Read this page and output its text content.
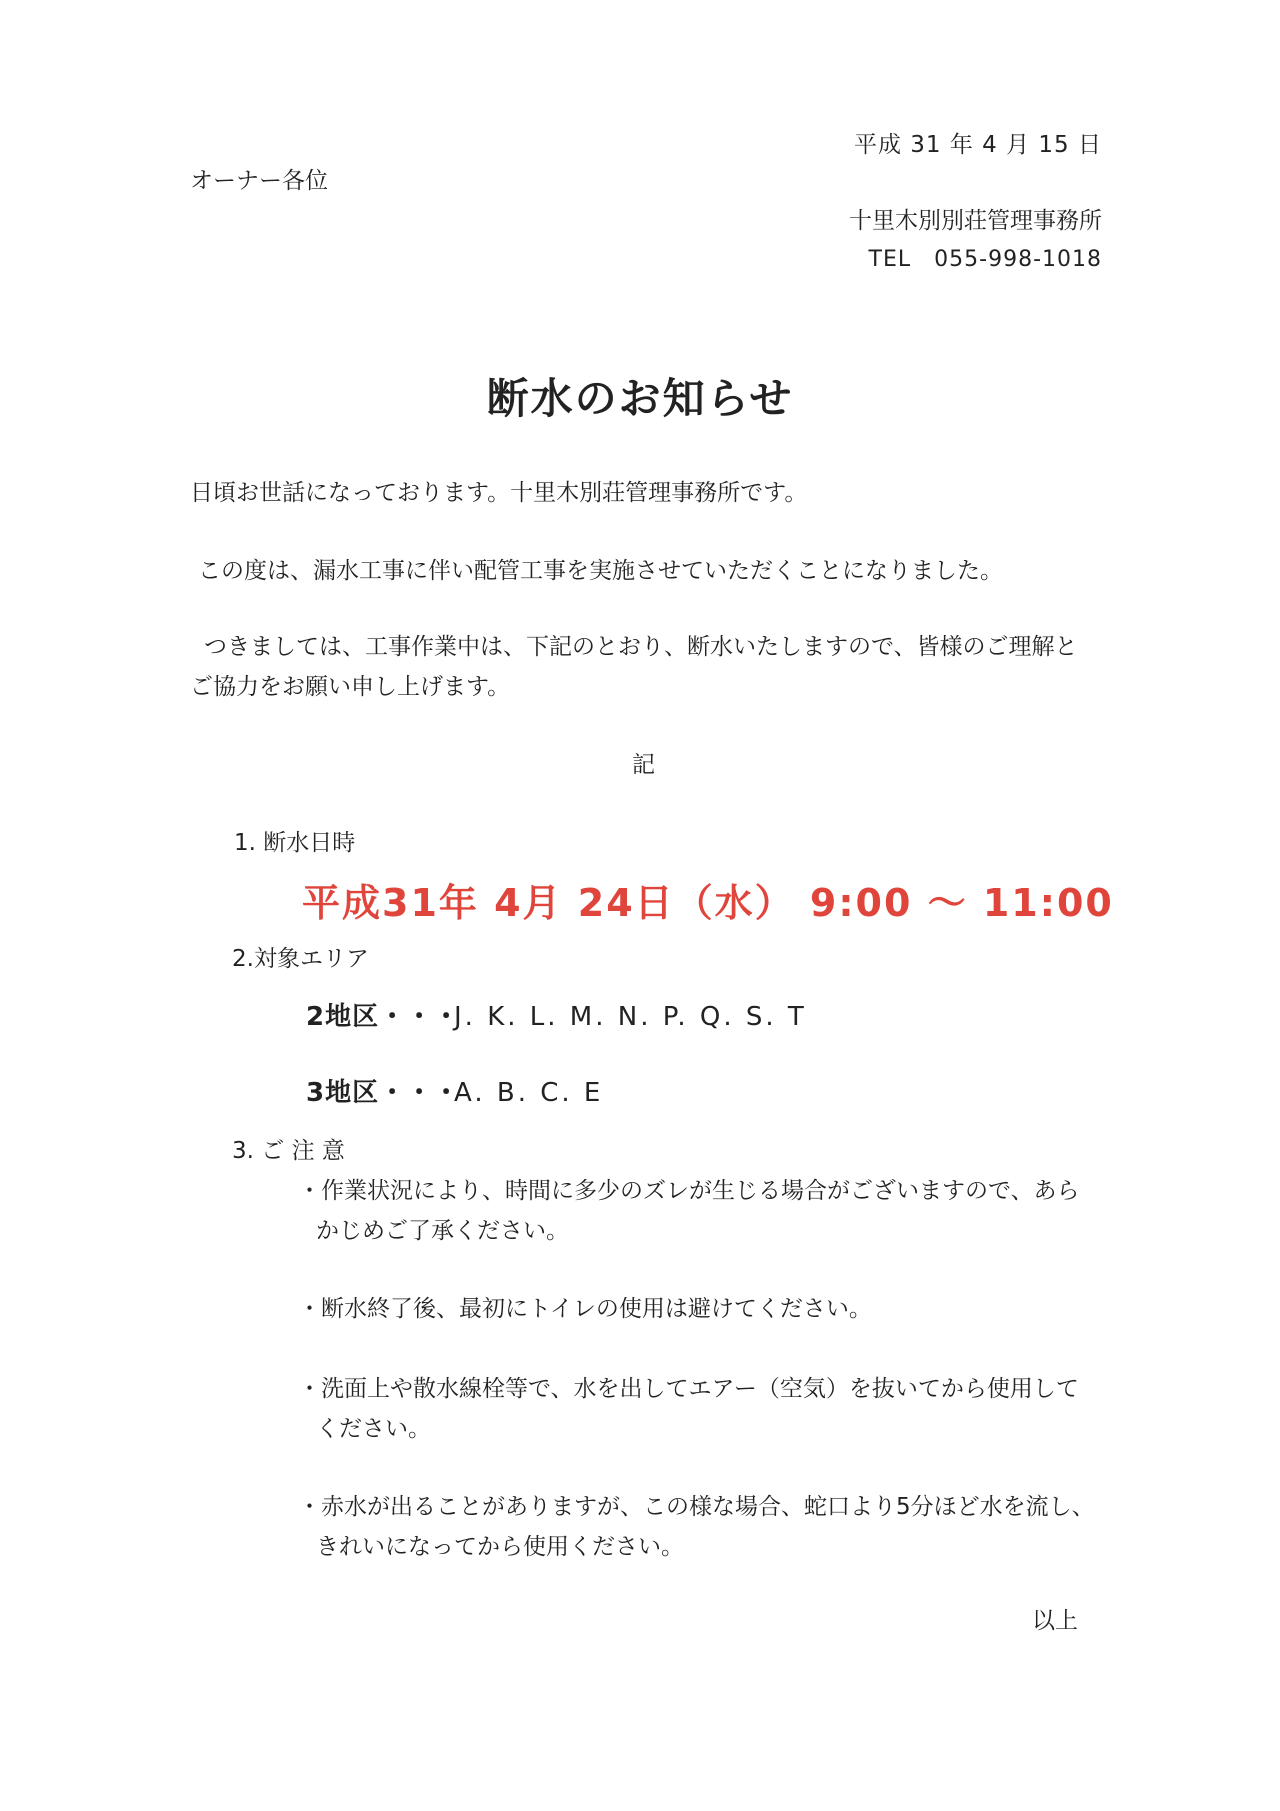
平成 31 年 4 月 15 日
オーナー各位
十里木別別荘管理事務所
TEL　055-998-1018
断水のお知らせ
日頃お世話になっております。十里木別荘管理事務所です。
この度は、漏水工事に伴い配管工事を実施させていただくことになりました。
つきましては、工事作業中は、下記のとおり、断水いたしますので、皆様のご理解と
ご協力をお願い申し上げます。
記
1. 断水日時
平成31年 4月 24日（水） 9:00 ～ 11:00
2.対象エリア
2地区・・・J. K. L. M. N. P. Q. S. T
3地区・・・A. B. C. E
3. ご 注 意
・作業状況により、時間に多少のズレが生じる場合がございますので、あら
かじめご了承ください。
・断水終了後、最初にトイレの使用は避けてください。
・洗面上や散水線栓等で、水を出してエアー（空気）を抜いてから使用して
ください。
・赤水が出ることがありますが、この様な場合、蛇口より5分ほど水を流し、
きれいになってから使用ください。
以上
